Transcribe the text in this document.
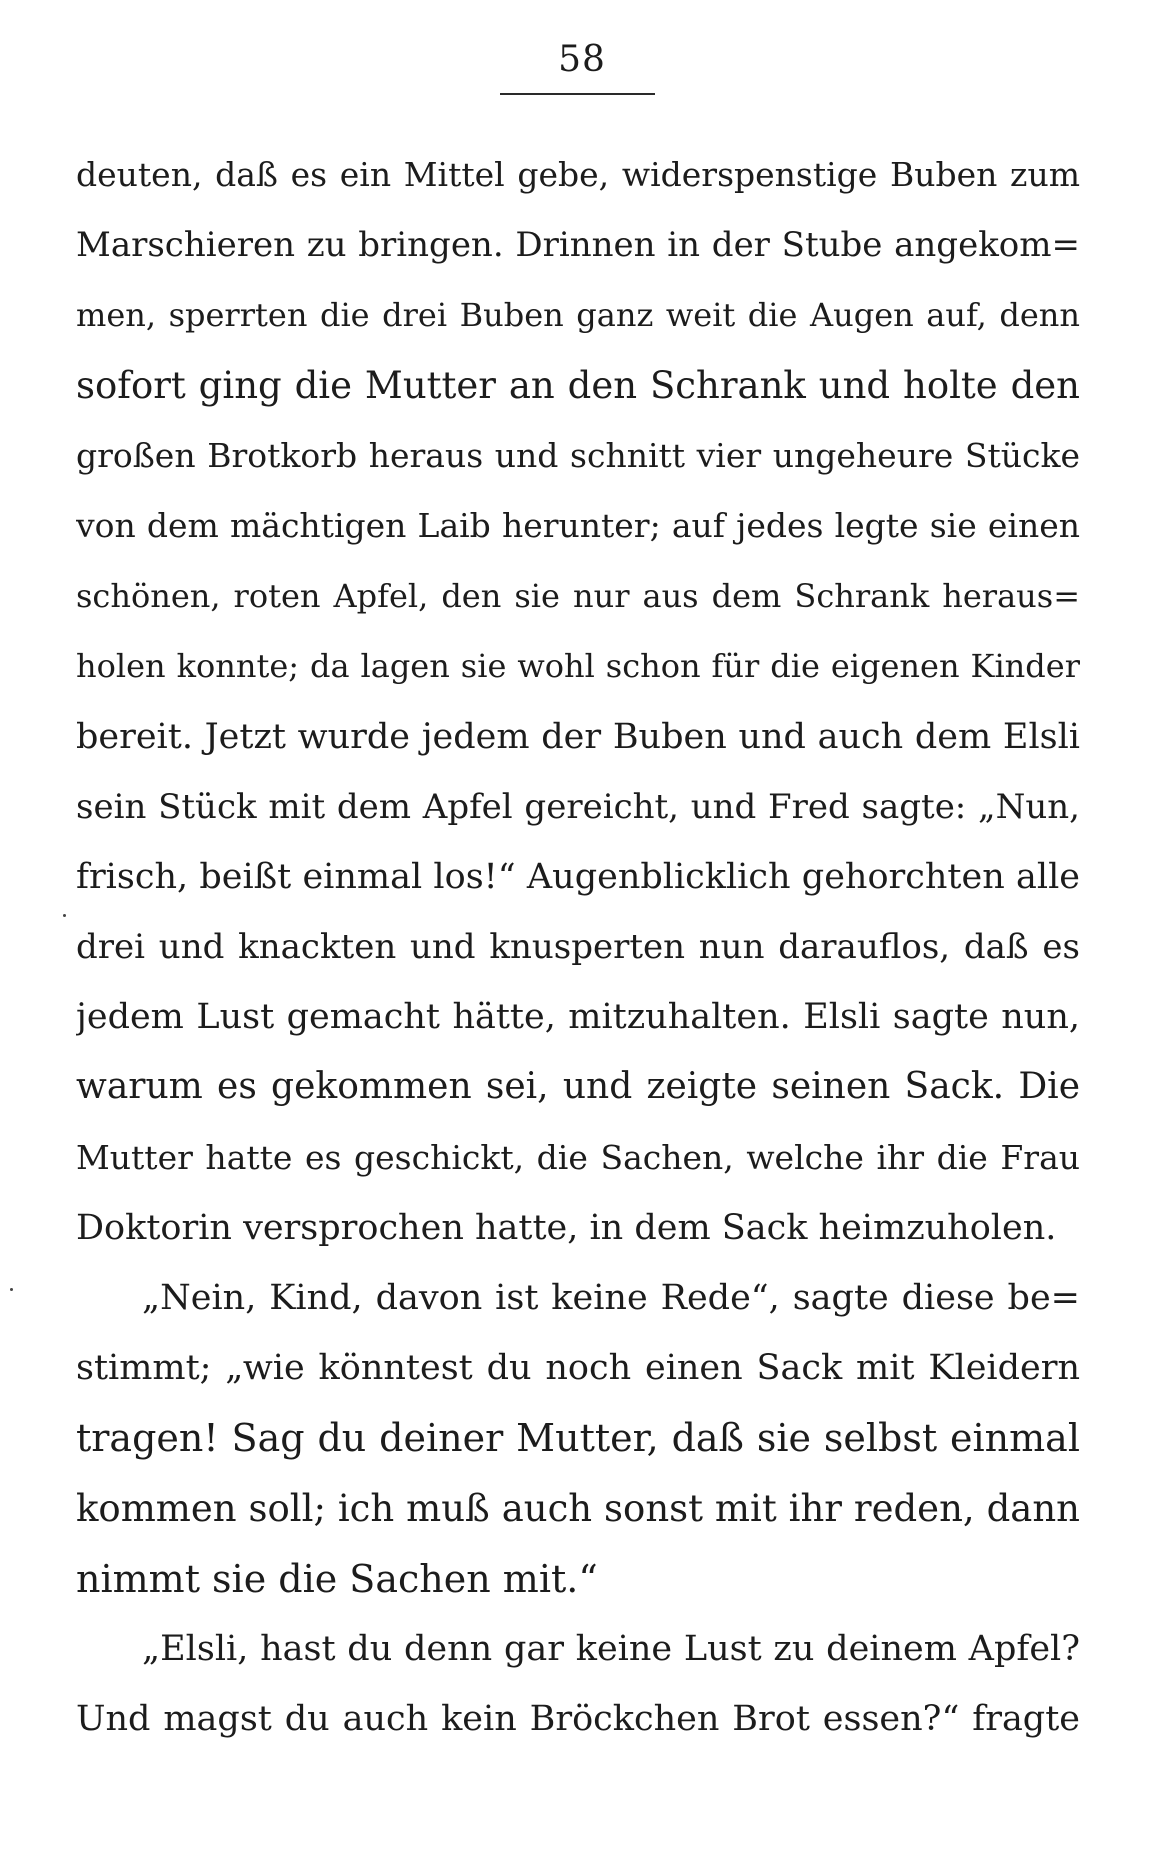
58
deuten, daß es ein Mittel gebe, widerspenstige Buben zum
Marschieren zu bringen. Drinnen in der Stube angekom=
men, sperrten die drei Buben ganz weit die Augen auf, denn
sofort ging die Mutter an den Schrank und holte den
großen Brotkorb heraus und schnitt vier ungeheure Stücke
von dem mächtigen Laib herunter; auf jedes legte sie einen
schönen, roten Apfel, den sie nur aus dem Schrank heraus=
holen konnte; da lagen sie wohl schon für die eigenen Kinder
bereit. Jetzt wurde jedem der Buben und auch dem Elsli
sein Stück mit dem Apfel gereicht, und Fred sagte: „Nun,
frisch, beißt einmal los!“ Augenblicklich gehorchten alle
drei und knackten und knusperten nun darauflos, daß es
jedem Lust gemacht hätte, mitzuhalten. Elsli sagte nun,
warum es gekommen sei, und zeigte seinen Sack. Die
Mutter hatte es geschickt, die Sachen, welche ihr die Frau
Doktorin versprochen hatte, in dem Sack heimzuholen.
„Nein, Kind, davon ist keine Rede“, sagte diese be=
stimmt; „wie könntest du noch einen Sack mit Kleidern
tragen! Sag du deiner Mutter, daß sie selbst einmal
kommen soll; ich muß auch sonst mit ihr reden, dann
nimmt sie die Sachen mit.“
„Elsli, hast du denn gar keine Lust zu deinem Apfel?
Und magst du auch kein Bröckchen Brot essen?“ fragte
